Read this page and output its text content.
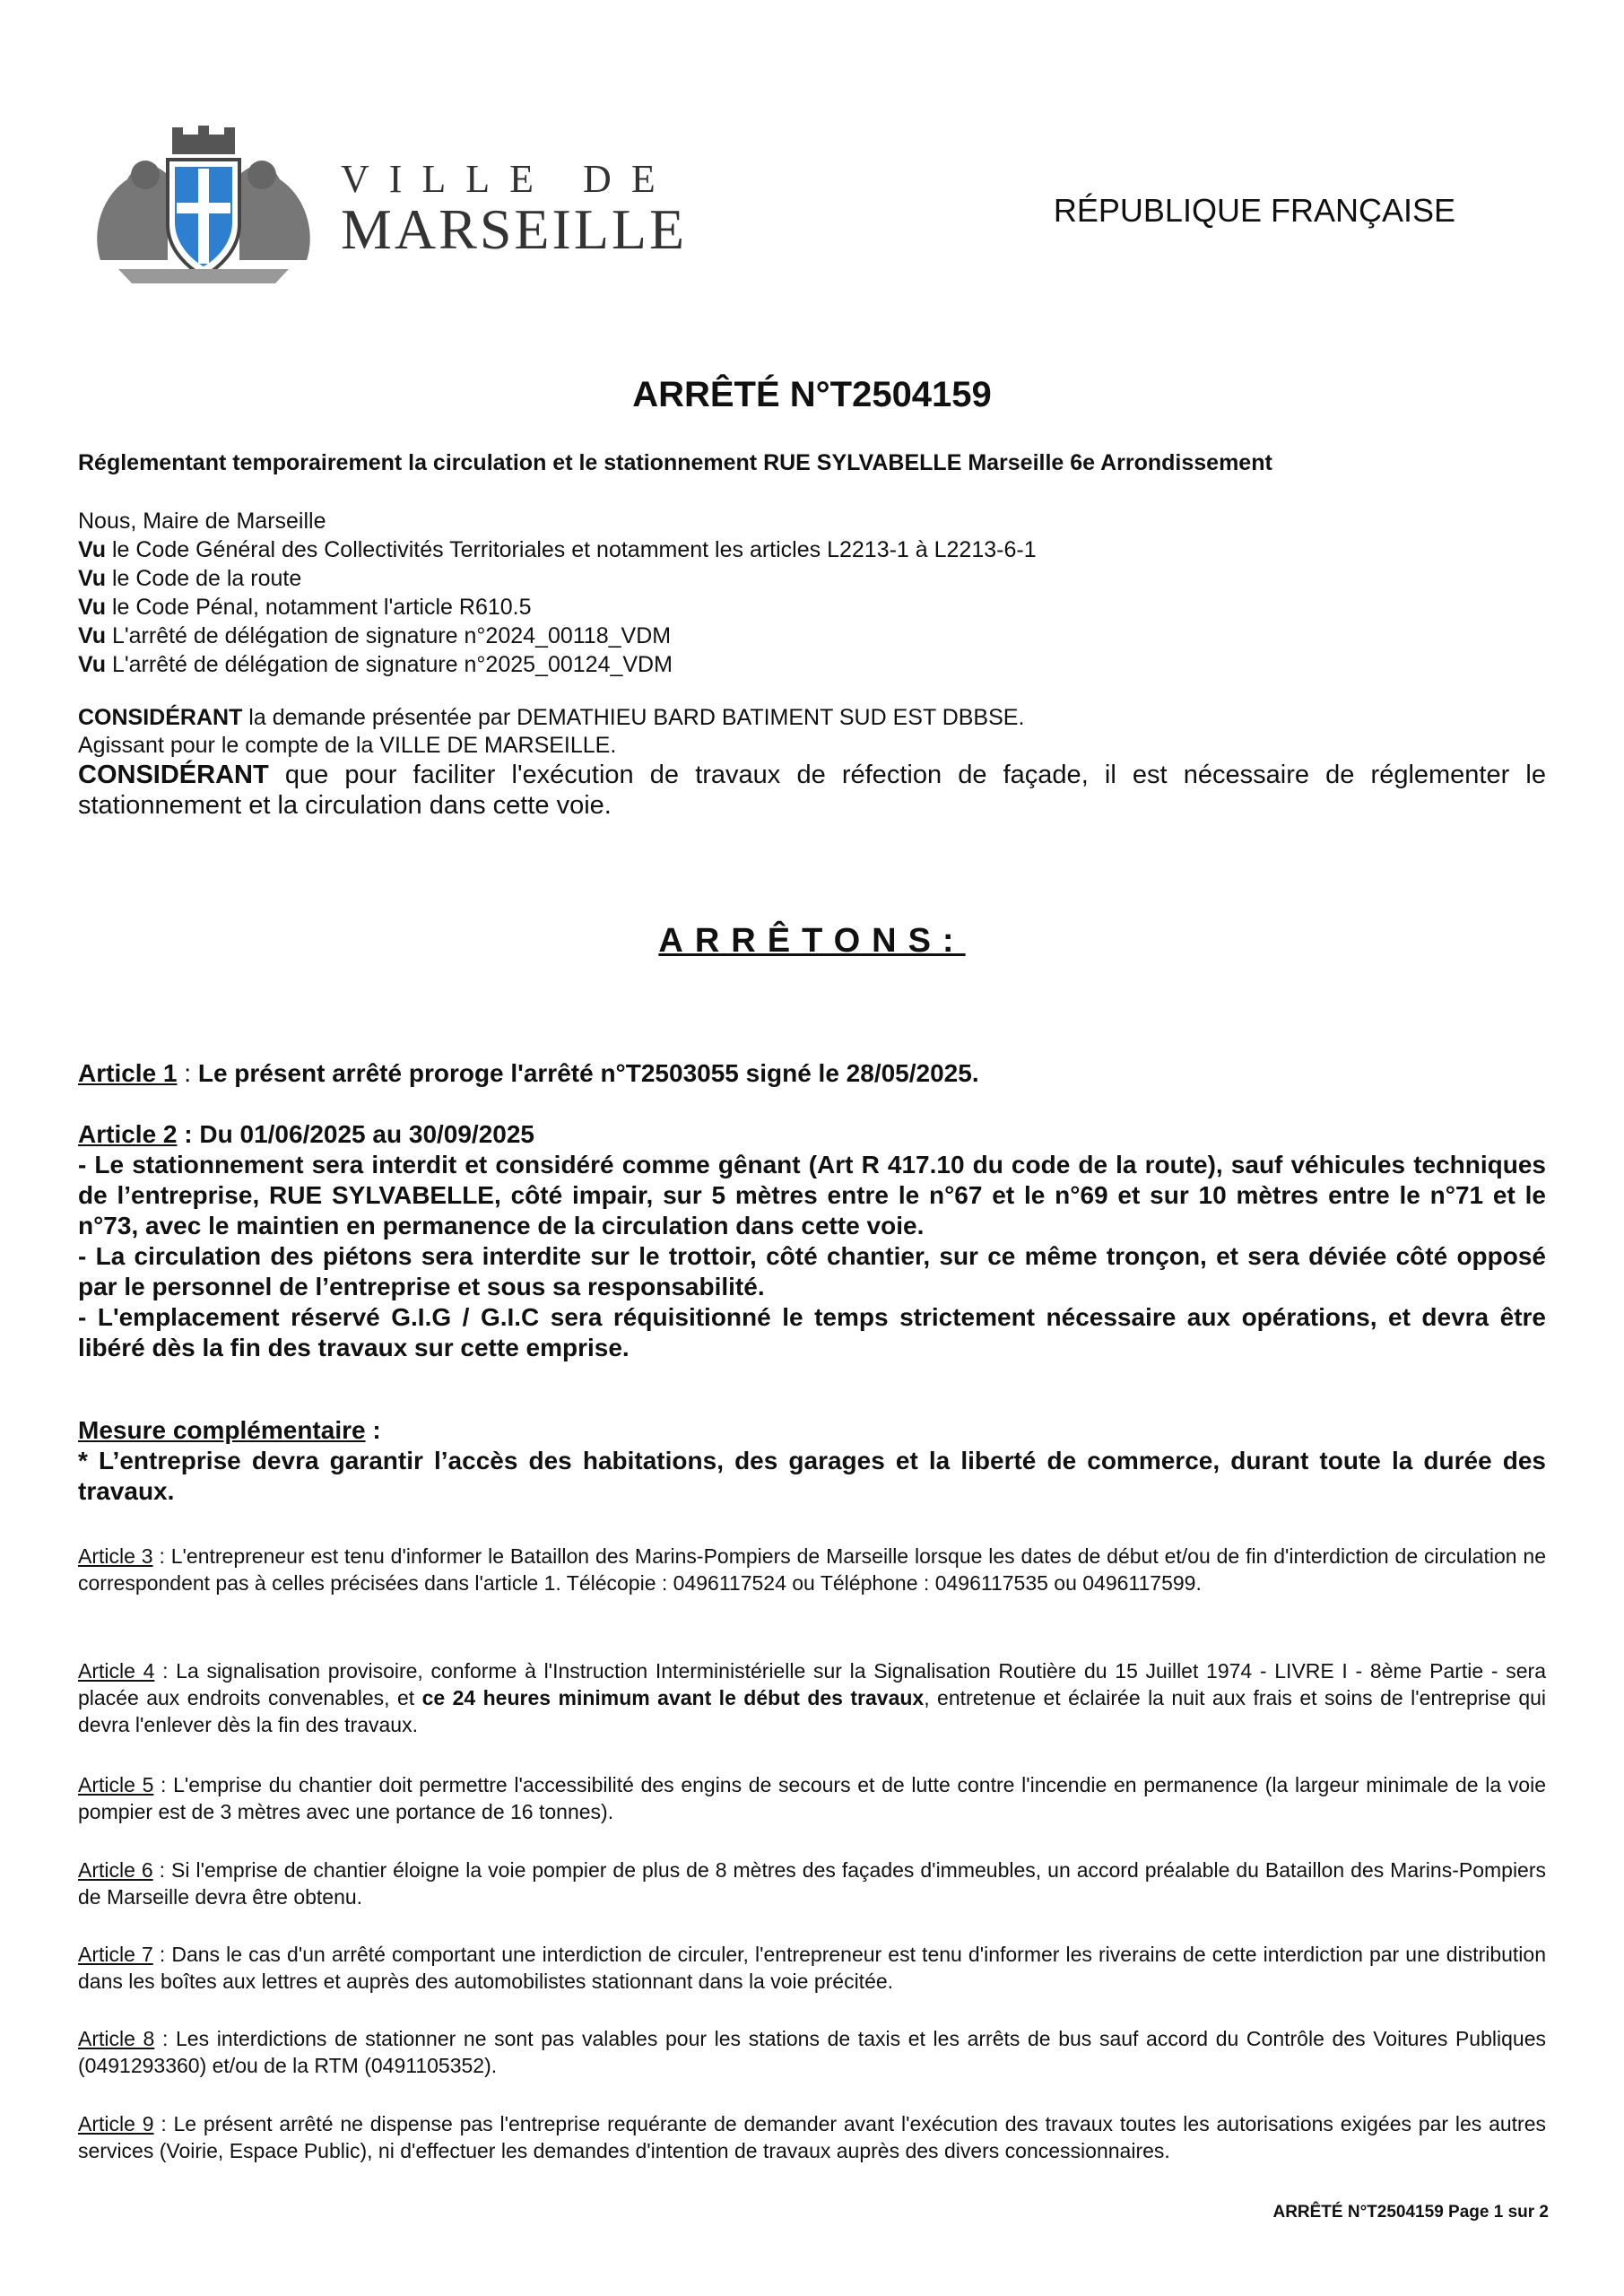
VILLE DE
MARSEILLE	RÉPUBLIQUE FRANÇAISE
ARRÊTÉ N°T2504159
Réglementant temporairement la circulation et le stationnement RUE SYLVABELLE Marseille 6e Arrondissement
Nous, Maire de Marseille
Vu le Code Général des Collectivités Territoriales et notamment les articles L2213-1 à L2213-6-1
Vu le Code de la route
Vu le Code Pénal, notamment l'article R610.5
Vu L'arrêté de délégation de signature n°2024_00118_VDM
Vu L'arrêté de délégation de signature n°2025_00124_VDM
CONSIDÉRANT la demande présentée par DEMATHIEU BARD BATIMENT SUD EST DBBSE.
Agissant pour le compte de la VILLE DE MARSEILLE.
CONSIDÉRANT que pour faciliter l'exécution de travaux de réfection de façade, il est nécessaire de réglementer le stationnement et la circulation dans cette voie.
ARRÊTONS:
Article 1 : Le présent arrêté proroge l'arrêté n°T2503055 signé le 28/05/2025.
Article 2 : Du 01/06/2025 au 30/09/2025
- Le stationnement sera interdit et considéré comme gênant (Art R 417.10 du code de la route), sauf véhicules techniques de l’entreprise, RUE SYLVABELLE, côté impair, sur 5 mètres entre le n°67 et le n°69 et sur 10 mètres entre le n°71 et le n°73, avec le maintien en permanence de la circulation dans cette voie.
- La circulation des piétons sera interdite sur le trottoir, côté chantier, sur ce même tronçon, et sera déviée côté opposé par le personnel de l’entreprise et sous sa responsabilité.
- L'emplacement réservé G.I.G / G.I.C sera réquisitionné le temps strictement nécessaire aux opérations, et devra être libéré dès la fin des travaux sur cette emprise.
Mesure complémentaire :
* L’entreprise devra garantir l’accès des habitations, des garages et la liberté de commerce, durant toute la durée des travaux.
Article 3 : L'entrepreneur est tenu d'informer le Bataillon des Marins-Pompiers de Marseille lorsque les dates de début et/ou de fin d'interdiction de circulation ne correspondent pas à celles précisées dans l'article 1. Télécopie : 0496117524 ou Téléphone : 0496117535 ou 0496117599.
Article 4 : La signalisation provisoire, conforme à l'Instruction Interministérielle sur la Signalisation Routière du 15 Juillet 1974 - LIVRE I - 8ème Partie - sera placée aux endroits convenables, et ce 24 heures minimum avant le début des travaux, entretenue et éclairée la nuit aux frais et soins de l'entreprise qui devra l'enlever dès la fin des travaux.
Article 5 : L'emprise du chantier doit permettre l'accessibilité des engins de secours et de lutte contre l'incendie en permanence (la largeur minimale de la voie pompier est de 3 mètres avec une portance de 16 tonnes).
Article 6 : Si l'emprise de chantier éloigne la voie pompier de plus de 8 mètres des façades d'immeubles, un accord préalable du Bataillon des Marins-Pompiers de Marseille devra être obtenu.
Article 7 : Dans le cas d'un arrêté comportant une interdiction de circuler, l'entrepreneur est tenu d'informer les riverains de cette interdiction par une distribution dans les boîtes aux lettres et auprès des automobilistes stationnant dans la voie précitée.
Article 8 : Les interdictions de stationner ne sont pas valables pour les stations de taxis et les arrêts de bus sauf accord du Contrôle des Voitures Publiques (0491293360) et/ou de la RTM (0491105352).
Article 9 : Le présent arrêté ne dispense pas l'entreprise requérante de demander avant l'exécution des travaux toutes les autorisations exigées par les autres services (Voirie, Espace Public), ni d'effectuer les demandes d'intention de travaux auprès des divers concessionnaires.
ARRÊTÉ N°T2504159 Page 1 sur 2
